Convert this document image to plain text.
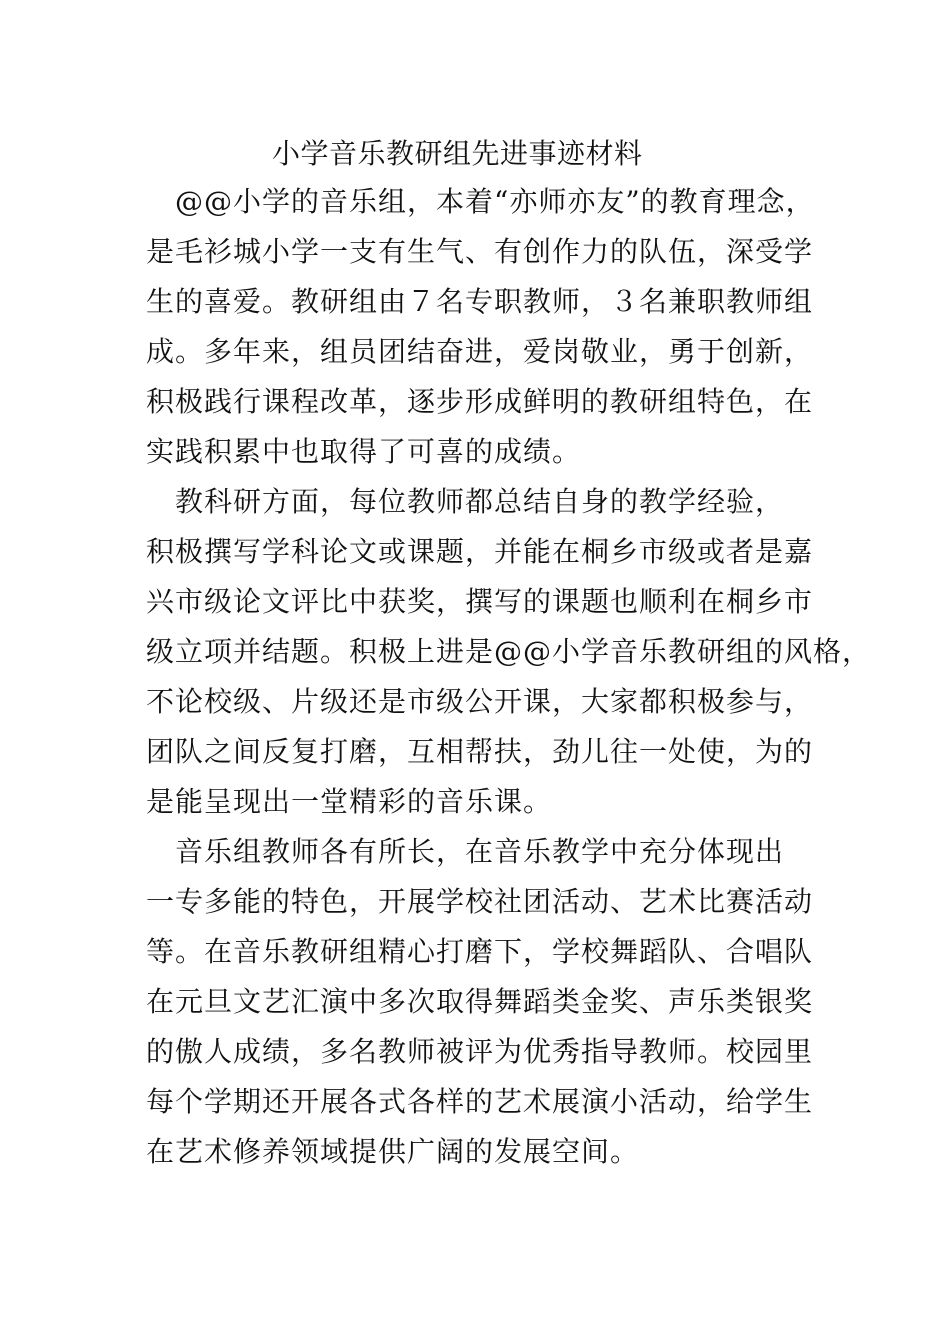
小学音乐教研组先进事迹材料
　@@小学的音乐组，本着“亦师亦友”的教育理念，
是毛衫城小学一支有生气、有创作力的队伍，深受学
生的喜爱。教研组由７名专职教师，３名兼职教师组
成。多年来，组员团结奋进，爱岗敬业，勇于创新，
积极践行课程改革，逐步形成鲜明的教研组特色，在
实践积累中也取得了可喜的成绩。
　教科研方面，每位教师都总结自身的教学经验，
积极撰写学科论文或课题，并能在桐乡市级或者是嘉
兴市级论文评比中获奖，撰写的课题也顺利在桐乡市
级立项并结题。积极上进是@@小学音乐教研组的风格，
不论校级、片级还是市级公开课，大家都积极参与，
团队之间反复打磨，互相帮扶，劲儿往一处使，为的
是能呈现出一堂精彩的音乐课。
　音乐组教师各有所长，在音乐教学中充分体现出
一专多能的特色，开展学校社团活动、艺术比赛活动
等。在音乐教研组精心打磨下，学校舞蹈队、合唱队
在元旦文艺汇演中多次取得舞蹈类金奖、声乐类银奖
的傲人成绩，多名教师被评为优秀指导教师。校园里
每个学期还开展各式各样的艺术展演小活动，给学生
在艺术修养领域提供广阔的发展空间。
